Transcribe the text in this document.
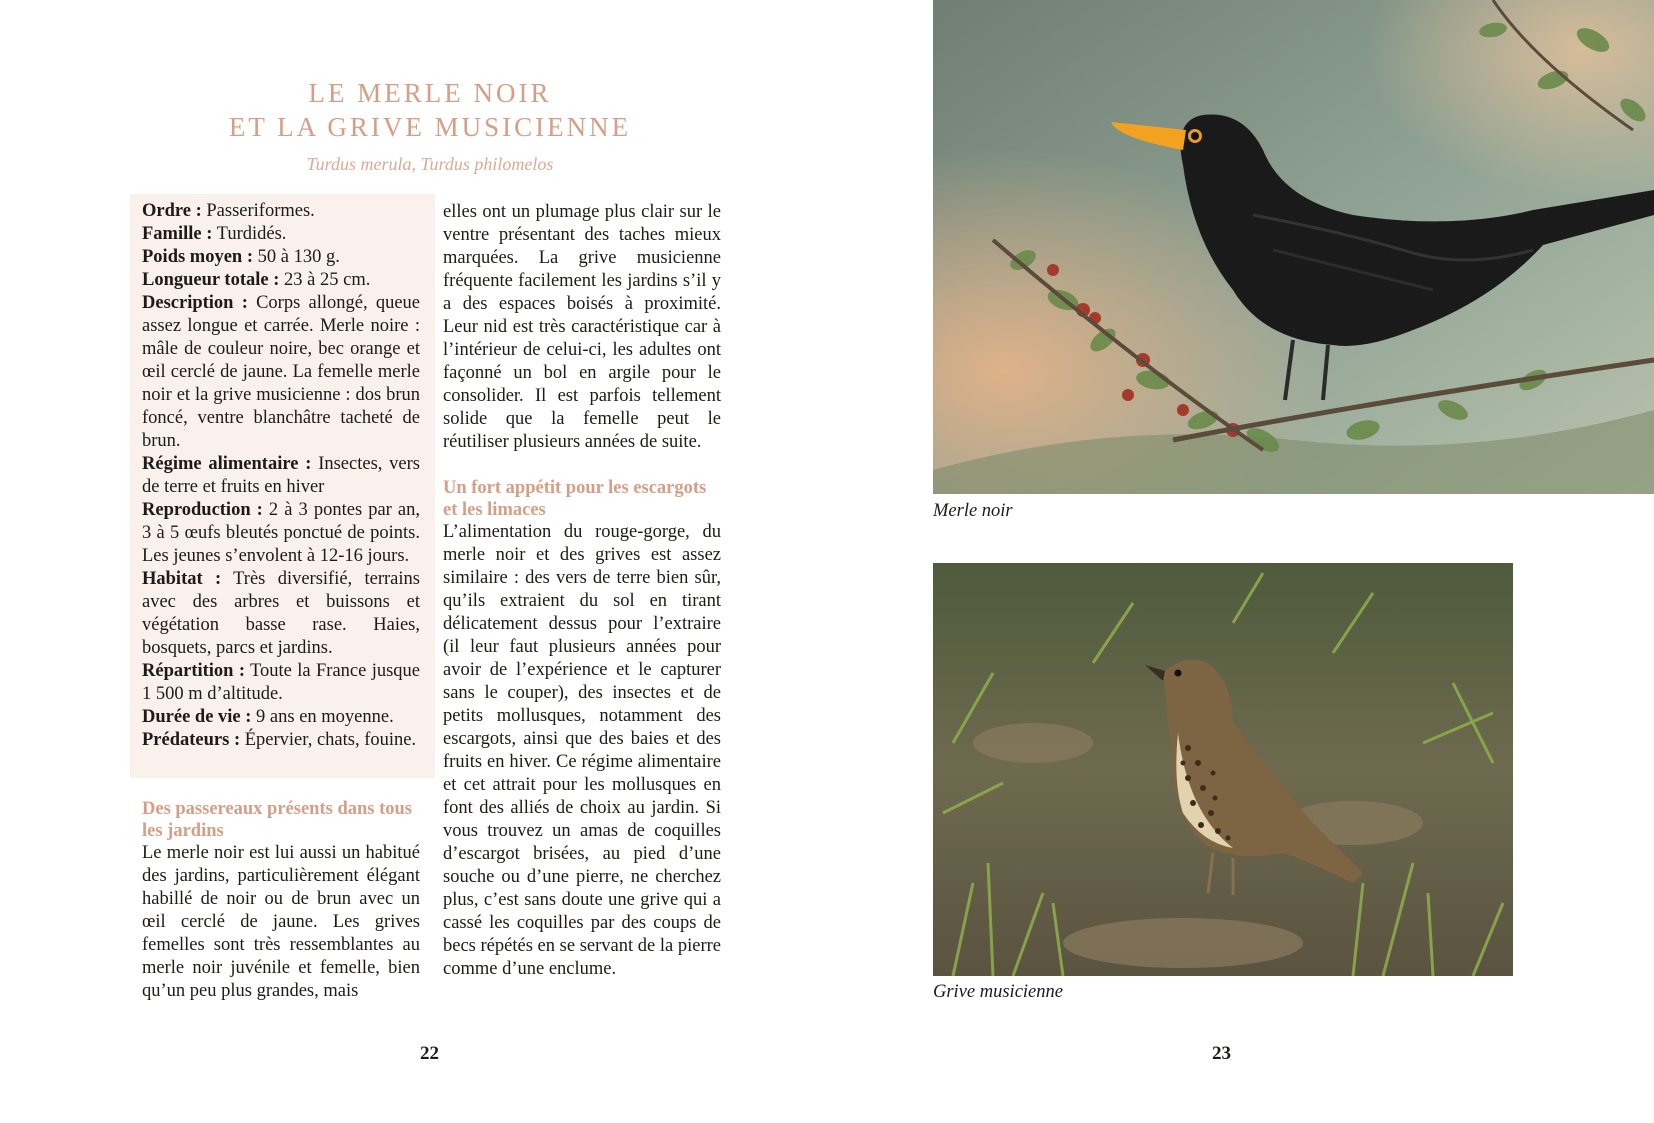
LE MERLE NOIR
ET LA GRIVE MUSICIENNE
Turdus merula, Turdus philomelos

Ordre : Passeriformes.

Famille : Turdidés.

Poids moyen : 50 à 130 g.

Longueur totale : 23 à 25 cm.

Description : Corps allongé, queue assez longue et carrée. Merle noire : mâle de couleur noire, bec orange et œil cerclé de jaune. La femelle merle noir et la grive musicienne : dos brun foncé, ventre blanchâtre tacheté de brun.

Régime alimentaire : Insectes, vers de terre et fruits en hiver

Reproduction : 2 à 3 pontes par an, 3 à 5 œufs bleutés ponctué de points. Les jeunes s’envolent à 12-16 jours.

Habitat : Très diversifié, terrains avec des arbres et buissons et végétation basse rase. Haies, bosquets, parcs et jardins.

Répartition : Toute la France jusque 1 500 m d’altitude.

Durée de vie : 9 ans en moyenne.

Prédateurs : Épervier, chats, fouine.

Des passereaux présents dans tous les jardins

Le merle noir est lui aussi un habitué des jardins, particulièrement élégant habillé de noir ou de brun avec un œil cerclé de jaune. Les grives femelles sont très ressemblantes au merle noir juvénile et femelle, bien qu’un peu plus grandes, mais

elles ont un plumage plus clair sur le ventre présentant des taches mieux marquées. La grive musicienne fréquente facilement les jardins s’il y a des espaces boisés à proximité. Leur nid est très caractéristique car à l’intérieur de celui-ci, les adultes ont façonné un bol en argile pour le consolider. Il est parfois tellement solide que la femelle peut le réutiliser plusieurs années de suite.

Un fort appétit pour les escargots et les limaces

L’alimentation du rouge-gorge, du merle noir et des grives est assez similaire : des vers de terre bien sûr, qu’ils extraient du sol en tirant délicatement dessus pour l’extraire (il leur faut plusieurs années pour avoir de l’expérience et le capturer sans le couper), des insectes et de petits mollusques, notamment des escargots, ainsi que des baies et des fruits en hiver. Ce régime alimentaire et cet attrait pour les mollusques en font des alliés de choix au jardin. Si vous trouvez un amas de coquilles d’escargot brisées, au pied d’une souche ou d’une pierre, ne cherchez plus, c’est sans doute une grive qui a cassé les coquilles par des coups de becs répétés en se servant de la pierre comme d’une enclume.

22
Merle noir
Grive musicienne
23
